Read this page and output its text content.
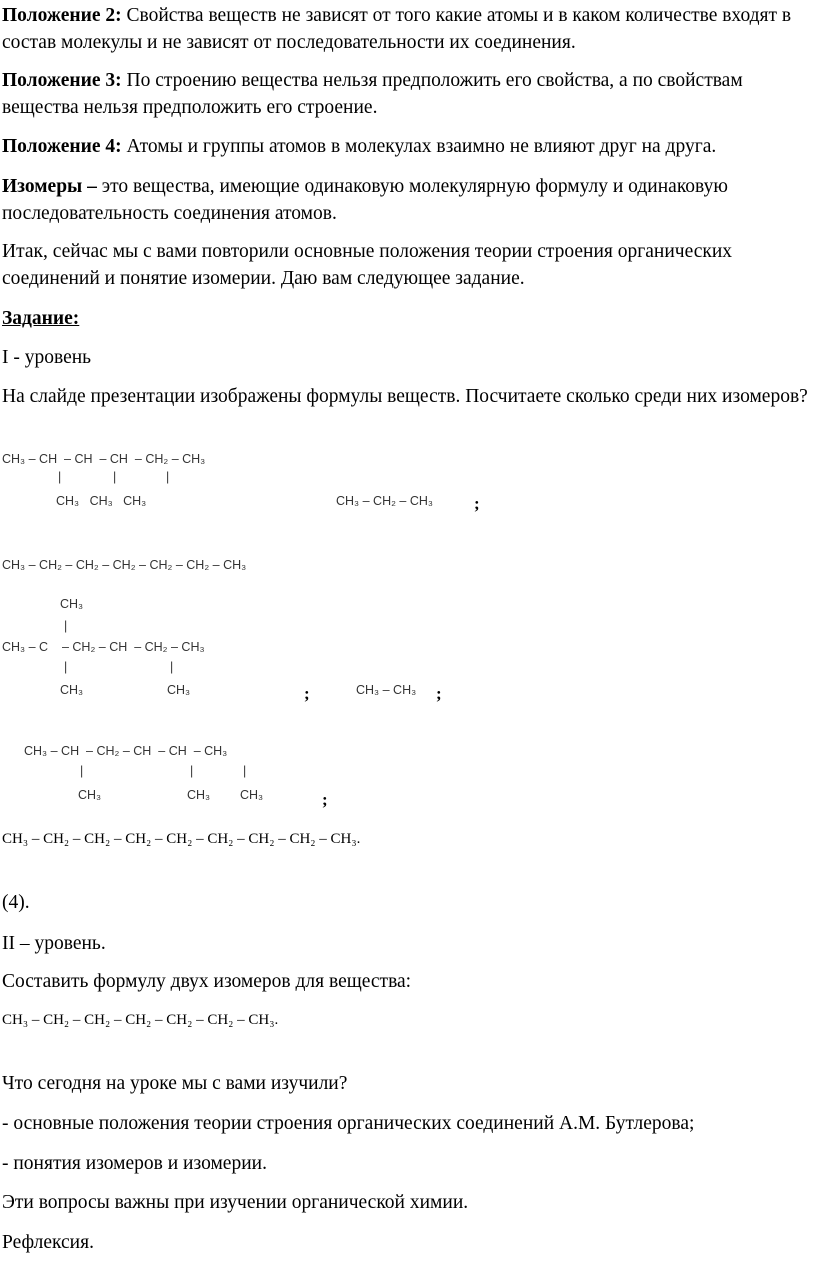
Положение 2: Свойства веществ не зависят от того какие атомы и в каком количестве входят в состав молекулы и не зависят от последовательности их соединения.

Положение 3: По строению вещества нельзя предположить его свойства, а по свойствам вещества нельзя предположить его строение.

Положение 4: Атомы и группы атомов в молекулах взаимно не влияют друг на друга.

Изомеры – это вещества, имеющие одинаковую молекулярную формулу и одинаковую последовательность соединения атомов.

Итак, сейчас мы с вами повторили основные положения теории строения органических соединений и понятие изомерии. Даю вам следующее задание.

Задание:

I - уровень

На слайде презентации изображены формулы веществ. Посчитаете сколько среди них изомеров?

CH₃ – CH  – CH  – CH  – CH₂ – CH₃
|	|	|
CH₃   CH₃   CH₃	CH₃ – CH₂ – CH₃ ;
CH₃ – CH₂ – CH₂ – CH₂ – CH₂ – CH₂ – CH₃
CH₃
|
CH₃ – C    – CH₂ – CH  – CH₂ – CH₃
|	|
CH₃	CH₃	;	CH₃ – CH₃ ;
CH₃ – CH  – CH₂ – CH  – CH  – CH₃
|	|	|
CH₃	CH₃ CH₃	;
CH₃ – CH₂ – CH₂ – CH₂ – CH₂ – CH₂ – CH₂ – CH₂ – CH₃.

(4).

II – уровень.

Составить формулу двух изомеров для вещества:

CH₃ – CH₂ – CH₂ – CH₂ – CH₂ – CH₂ – CH₃.

Что сегодня на уроке мы с вами изучили?

- основные положения теории строения органических соединений А.М. Бутлерова;

- понятия изомеров и изомерии.

Эти вопросы важны при изучении органической химии.

Рефлексия.
